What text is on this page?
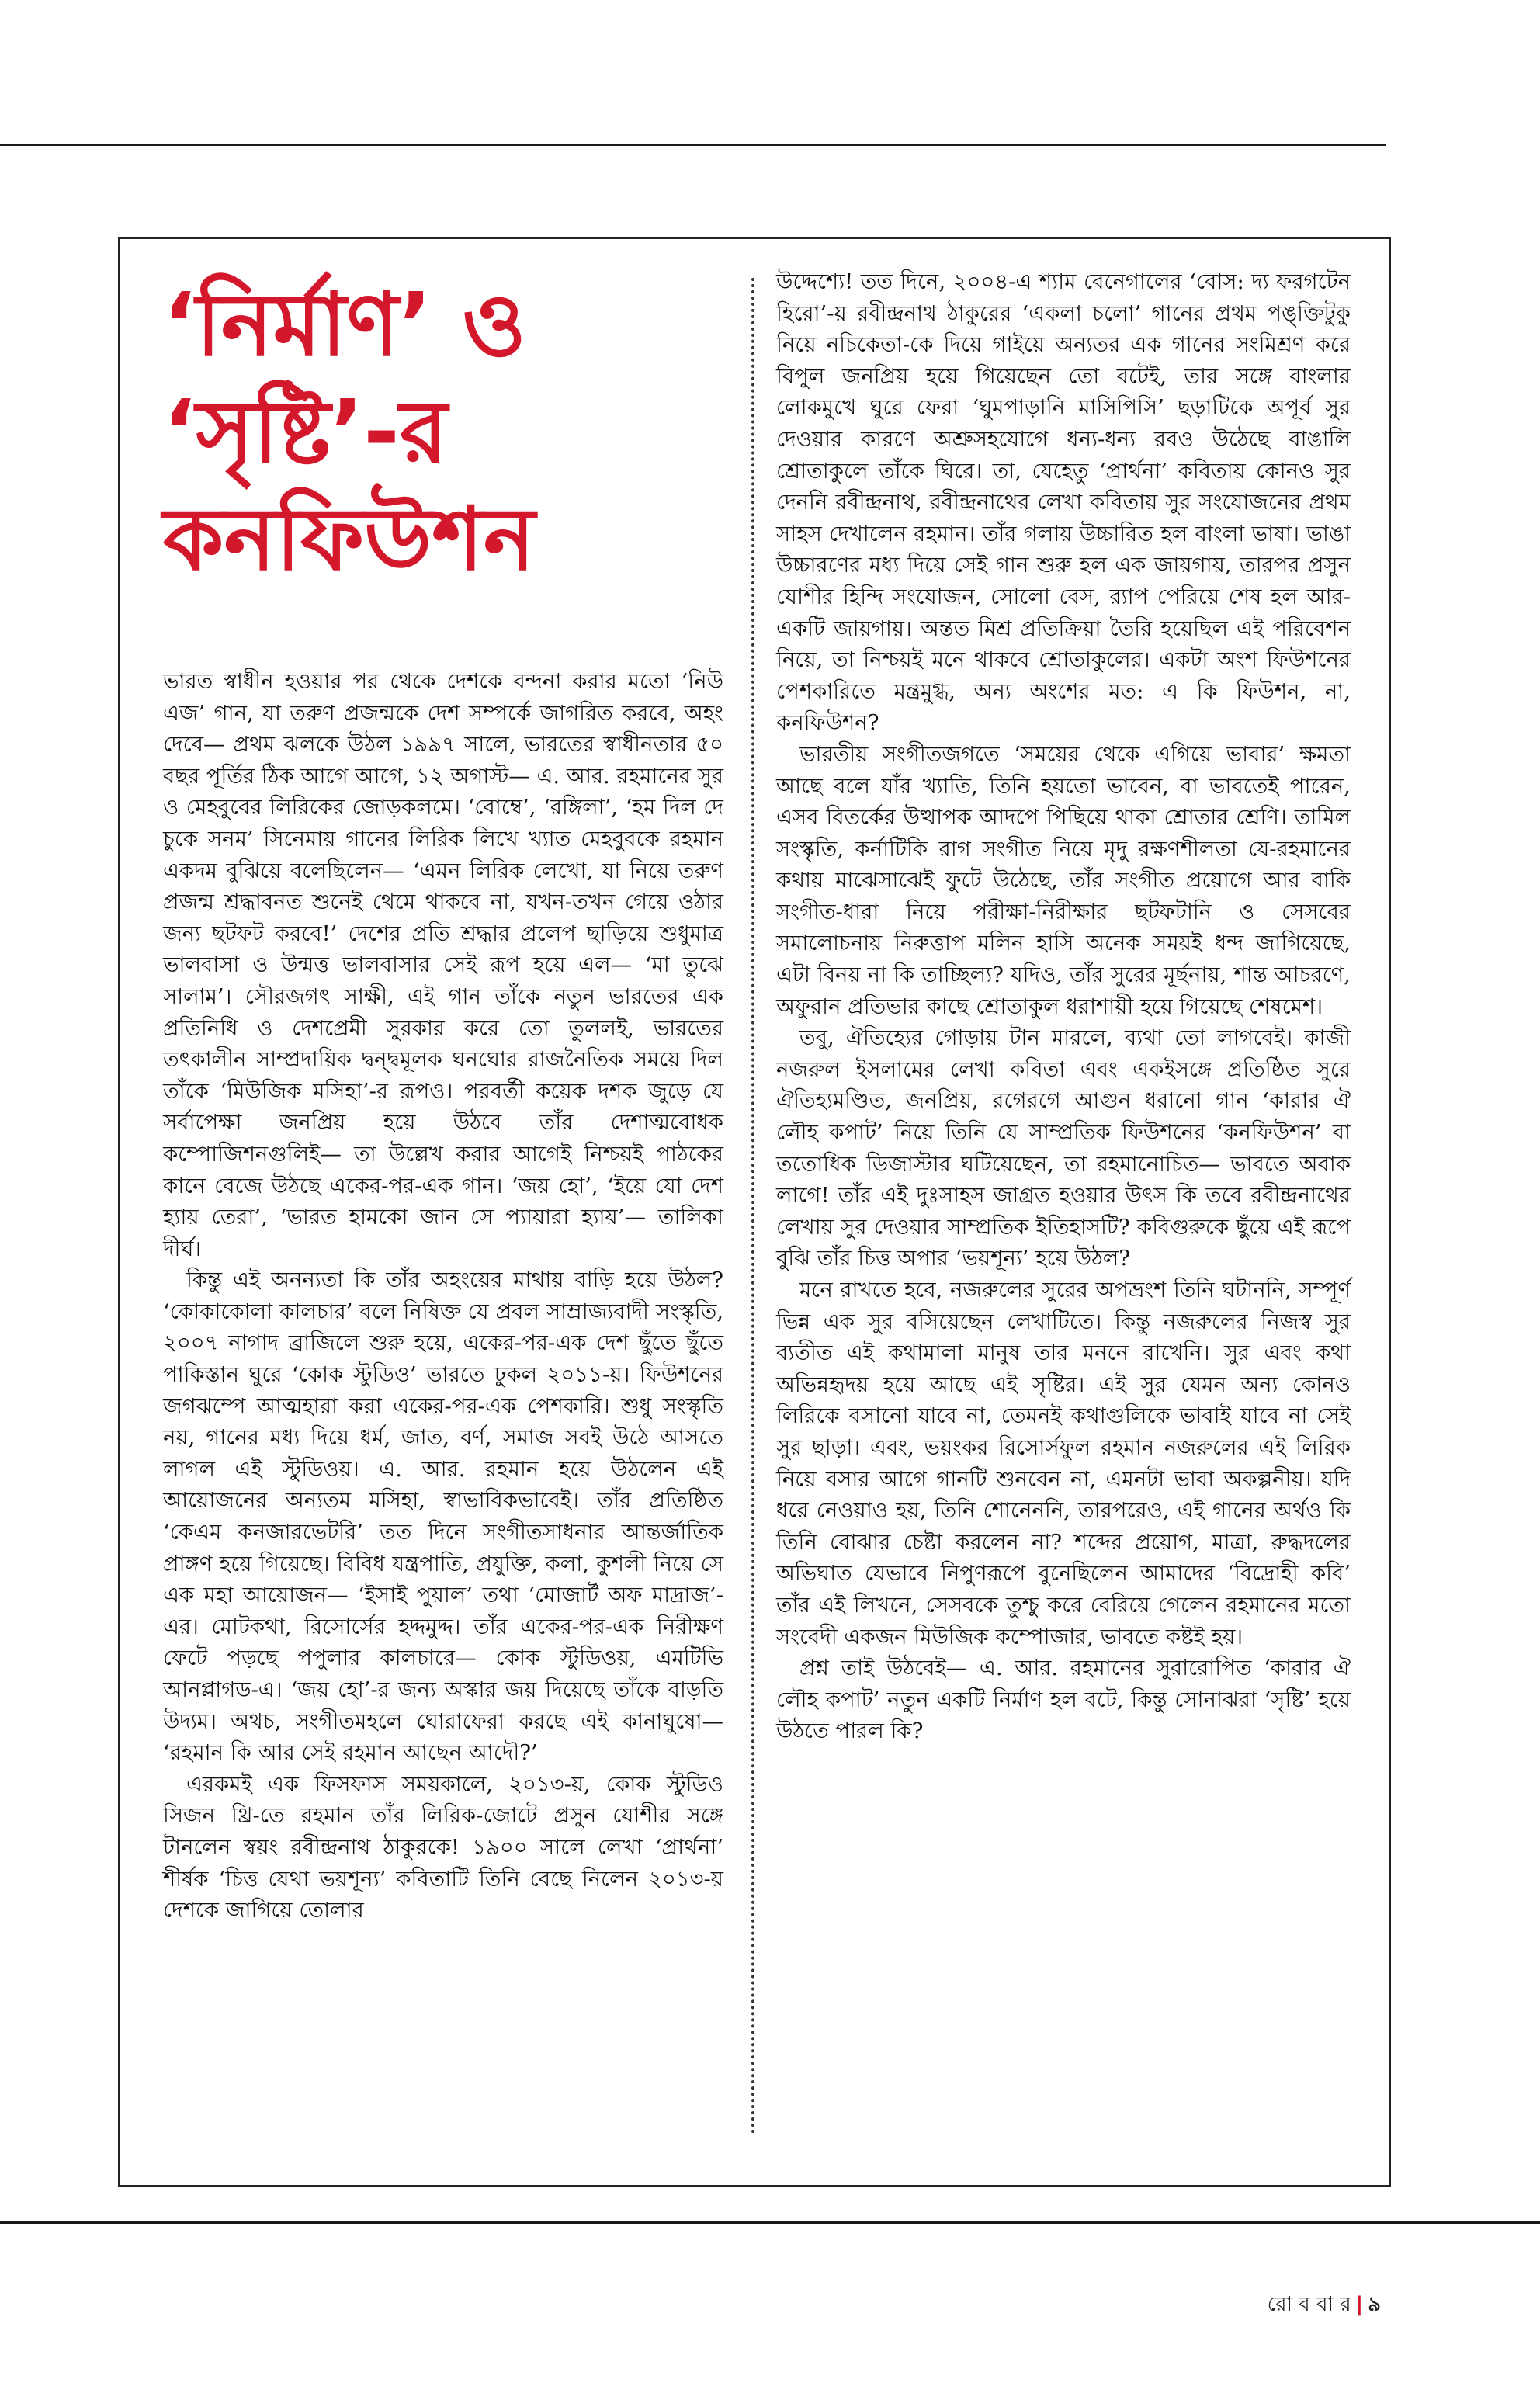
‘নির্মাণ’ ও
‘সৃষ্টি’-র
কনফিউশন

ভারত স্বাধীন হওয়ার পর থেকে দেশকে বন্দনা করার মতো ‘নিউ এজ’ গান, যা তরুণ প্রজন্মকে দেশ সম্পর্কে জাগরিত করবে, অহং দেবে— প্রথম ঝলকে উঠল ১৯৯৭ সালে, ভারতের স্বাধীনতার ৫০ বছর পূর্তির ঠিক আগে আগে, ১২ অগাস্ট— এ. আর. রহমানের সুর ও মেহবুবের লিরিকের জোড়কলমে। ‘বোম্বে’, ‘রঙ্গিলা’, ‘হম দিল দে চুকে সনম’ সিনেমায় গানের লিরিক লিখে খ্যাত মেহবুবকে রহমান একদম বুঝিয়ে বলেছিলেন— ‘এমন লিরিক লেখো, যা নিয়ে তরুণ প্রজন্ম শ্রদ্ধাবনত শুনেই থেমে থাকবে না, যখন-তখন গেয়ে ওঠার জন্য ছটফট করবে!’ দেশের প্রতি শ্রদ্ধার প্রলেপ ছাড়িয়ে শুধুমাত্র ভালবাসা ও উন্মত্ত ভালবাসার সেই রূপ হয়ে এল— ‘মা তুঝে সালাম’। সৌরজগৎ সাক্ষী, এই গান তাঁকে নতুন ভারতের এক প্রতিনিধি ও দেশপ্রেমী সুরকার করে তো তুললই, ভারতের তৎকালীন সাম্প্রদায়িক দ্বন্দ্বমূলক ঘনঘোর রাজনৈতিক সময়ে দিল তাঁকে ‘মিউজিক মসিহা’-র রূপও। পরবর্তী কয়েক দশক জুড়ে যে সর্বাপেক্ষা জনপ্রিয় হয়ে উঠবে তাঁর দেশাত্মবোধক কম্পোজিশনগুলিই— তা উল্লেখ করার আগেই নিশ্চয়ই পাঠকের কানে বেজে উঠছে একের-পর-এক গান। ‘জয় হো’, ‘ইয়ে যো দেশ হ্যায় তেরা’, ‘ভারত হামকো জান সে প্যায়ারা হ্যায়’— তালিকা দীর্ঘ।

কিন্তু এই অনন্যতা কি তাঁর অহংয়ের মাথায় বাড়ি হয়ে উঠল? ‘কোকাকোলা কালচার’ বলে নিষিক্ত যে প্রবল সাম্রাজ্যবাদী সংস্কৃতি, ২০০৭ নাগাদ ব্রাজিলে শুরু হয়ে, একের-পর-এক দেশ ছুঁতে ছুঁতে পাকিস্তান ঘুরে ‘কোক স্টুডিও’ ভারতে ঢুকল ২০১১-য়। ফিউশনের জগঝম্পে আত্মহারা করা একের-পর-এক পেশকারি। শুধু সংস্কৃতি নয়, গানের মধ্য দিয়ে ধর্ম, জাত, বর্ণ, সমাজ সবই উঠে আসতে লাগল এই স্টুডিওয়। এ. আর. রহমান হয়ে উঠলেন এই আয়োজনের অন্যতম মসিহা, স্বাভাবিকভাবেই। তাঁর প্রতিষ্ঠিত ‘কেএম কনজারভেটরি’ তত দিনে সংগীতসাধনার আন্তর্জাতিক প্রাঙ্গণ হয়ে গিয়েছে। বিবিধ যন্ত্রপাতি, প্রযুক্তি, কলা, কুশলী নিয়ে সে এক মহা আয়োজন— ‘ইসাই পুয়াল’ তথা ‘মোজার্ট অফ মাদ্রাজ’-এর। মোটকথা, রিসোর্সের হদ্দমুদ্দ। তাঁর একের-পর-এক নিরীক্ষণ ফেটে পড়ছে পপুলার কালচারে— কোক স্টুডিওয়, এমটিভি আনপ্লাগড-এ। ‘জয় হো’-র জন্য অস্কার জয় দিয়েছে তাঁকে বাড়তি উদ্যম। অথচ, সংগীতমহলে ঘোরাফেরা করছে এই কানাঘুষো— ‘রহমান কি আর সেই রহমান আছেন আদৌ?’

এরকমই এক ফিসফাস সময়কালে, ২০১৩-য়, কোক স্টুডিও সিজন থ্রি-তে রহমান তাঁর লিরিক-জোটে প্রসুন যোশীর সঙ্গে টানলেন স্বয়ং রবীন্দ্রনাথ ঠাকুরকে! ১৯০০ সালে লেখা ‘প্রার্থনা’ শীর্ষক ‘চিত্ত যেথা ভয়শূন্য’ কবিতাটি তিনি বেছে নিলেন ২০১৩-য় দেশকে জাগিয়ে তোলার

উদ্দেশ্যে! তত দিনে, ২০০৪-এ শ্যাম বেনেগালের ‘বোস: দ্য ফরগটেন হিরো’-য় রবীন্দ্রনাথ ঠাকুরের ‘একলা চলো’ গানের প্রথম পঙ্‌ক্তিটুকু নিয়ে নচিকেতা-কে দিয়ে গাইয়ে অন্যতর এক গানের সংমিশ্রণ করে বিপুল জনপ্রিয় হয়ে গিয়েছেন তো বটেই, তার সঙ্গে বাংলার লোকমুখে ঘুরে ফেরা ‘ঘুমপাড়ানি মাসিপিসি’ ছড়াটিকে অপূর্ব সুর দেওয়ার কারণে অশ্রুসহযোগে ধন্য-ধন্য রবও উঠেছে বাঙালি শ্রোতাকুলে তাঁকে ঘিরে। তা, যেহেতু ‘প্রার্থনা’ কবিতায় কোনও সুর দেননি রবীন্দ্রনাথ, রবীন্দ্রনাথের লেখা কবিতায় সুর সংযোজনের প্রথম সাহস দেখালেন রহমান। তাঁর গলায় উচ্চারিত হল বাংলা ভাষা। ভাঙা উচ্চারণের মধ্য দিয়ে সেই গান শুরু হল এক জায়গায়, তারপর প্রসুন যোশীর হিন্দি সংযোজন, সোলো বেস, র‍্যাপ পেরিয়ে শেষ হল আর-একটি জায়গায়। অন্তত মিশ্র প্রতিক্রিয়া তৈরি হয়েছিল এই পরিবেশন নিয়ে, তা নিশ্চয়ই মনে থাকবে শ্রোতাকুলের। একটা অংশ ফিউশনের পেশকারিতে মন্ত্রমুগ্ধ, অন্য অংশের মত: এ কি ফিউশন, না, কনফিউশন?

ভারতীয় সংগীতজগতে ‘সময়ের থেকে এগিয়ে ভাবার’ ক্ষমতা আছে বলে যাঁর খ্যাতি, তিনি হয়তো ভাবেন, বা ভাবতেই পারেন, এসব বিতর্কের উত্থাপক আদপে পিছিয়ে থাকা শ্রোতার শ্রেণি। তামিল সংস্কৃতি, কর্নাটিকি রাগ সংগীত নিয়ে মৃদু রক্ষণশীলতা যে-রহমানের কথায় মাঝেসাঝেই ফুটে উঠেছে, তাঁর সংগীত প্রয়োগে আর বাকি সংগীত-ধারা নিয়ে পরীক্ষা-নিরীক্ষার ছটফটানি ও সেসবের সমালোচনায় নিরুত্তাপ মলিন হাসি অনেক সময়ই ধন্দ জাগিয়েছে, এটা বিনয় না কি তাচ্ছিল্য? যদিও, তাঁর সুরের মূর্ছনায়, শান্ত আচরণে, অফুরান প্রতিভার কাছে শ্রোতাকুল ধরাশায়ী হয়ে গিয়েছে শেষমেশ।

তবু, ঐতিহ্যের গোড়ায় টান মারলে, ব্যথা তো লাগবেই। কাজী নজরুল ইসলামের লেখা কবিতা এবং একইসঙ্গে প্রতিষ্ঠিত সুরে ঐতিহ্যমণ্ডিত, জনপ্রিয়, রগেরগে আগুন ধরানো গান ‘কারার ঐ লৌহ কপাট’ নিয়ে তিনি যে সাম্প্রতিক ফিউশনের ‘কনফিউশন’ বা ততোধিক ডিজাস্টার ঘটিয়েছেন, তা রহমানোচিত— ভাবতে অবাক লাগে! তাঁর এই দুঃসাহস জাগ্রত হওয়ার উৎস কি তবে রবীন্দ্রনাথের লেখায় সুর দেওয়ার সাম্প্রতিক ইতিহাসটি? কবিগুরুকে ছুঁয়ে এই রূপে বুঝি তাঁর চিত্ত অপার ‘ভয়শূন্য’ হয়ে উঠল?

মনে রাখতে হবে, নজরুলের সুরের অপভ্রংশ তিনি ঘটাননি, সম্পূর্ণ ভিন্ন এক সুর বসিয়েছেন লেখাটিতে। কিন্তু নজরুলের নিজস্ব সুর ব্যতীত এই কথামালা মানুষ তার মননে রাখেনি। সুর এবং কথা অভিন্নহৃদয় হয়ে আছে এই সৃষ্টির। এই সুর যেমন অন্য কোনও লিরিকে বসানো যাবে না, তেমনই কথাগুলিকে ভাবাই যাবে না সেই সুর ছাড়া। এবং, ভয়ংকর রিসোর্সফুল রহমান নজরুলের এই লিরিক নিয়ে বসার আগে গানটি শুনবেন না, এমনটা ভাবা অকল্পনীয়। যদি ধরে নেওয়াও হয়, তিনি শোনেননি, তারপরেও, এই গানের অর্থও কি তিনি বোঝার চেষ্টা করলেন না? শব্দের প্রয়োগ, মাত্রা, রুদ্ধদলের অভিঘাত যেভাবে নিপুণরূপে বুনেছিলেন আমাদের ‘বিদ্রোহী কবি’ তাঁর এই লিখনে, সেসবকে তুশ্চু করে বেরিয়ে গেলেন রহমানের মতো সংবেদী একজন মিউজিক কম্পোজার, ভাবতে কষ্টই হয়।

প্রশ্ন তাই উঠবেই— এ. আর. রহমানের সুরারোপিত ‘কারার ঐ লৌহ কপাট’ নতুন একটি নির্মাণ হল বটে, কিন্তু সোনাঝরা ‘সৃষ্টি’ হয়ে উঠতে পারল কি?

রো ব বা র | ৯
